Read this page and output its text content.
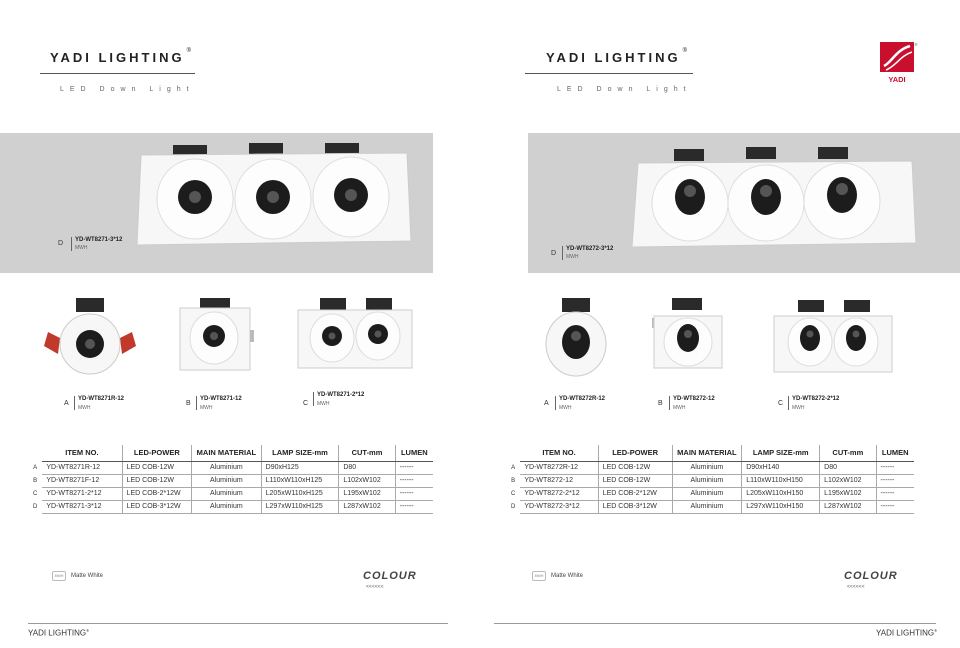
YADI LIGHTING ®
LED Down Light
D YD-WT8271-3*12
MWH
A
YD-WT8271R-12
MWH
B
YD-WT8271-12
MWH
C
YD-WT8271-2*12
MWH
	ITEM NO.	LED-POWER	MAIN MATERIAL	LAMP SIZE-mm	CUT-mm	LUMEN
A	YD-WT8271R-12	LED COB-12W	Aluminium	D90xH125	D80	------
B	YD-WT8271F-12	LED COB-12W	Aluminium	L110xW110xH125	L102xW102	------
C	YD-WT8271-2*12	LED COB-2*12W	Aluminium	L205xW110xH125	L195xW102	------
D	YD-WT8271-3*12	LED COB-3*12W	Aluminium	L297xW110xH125	L287xW102	------
MWH	Matte White	COLOUR
<<<<<<
YADI LIGHTING®
YADI LIGHTING ®
LED Down Light
D
YD-WT8272-3*12
MWH
A
YD-WT8272R-12
MWH
B
YD-WT8272-12
MWH
C
YD-WT8272-2*12
MWH
	ITEM NO.	LED-POWER	MAIN MATERIAL	LAMP SIZE-mm	CUT-mm	LUMEN
A	YD-WT8272R-12	LED COB-12W	Aluminium	D90xH140	D80	------
B	YD-WT8272-12	LED COB-12W	Aluminium	L110xW110xH150	L102xW102	------
C	YD-WT8272-2*12	LED COB-2*12W	Aluminium	L205xW110xH150	L195xW102	------
D	YD-WT8272-3*12	LED COB-3*12W	Aluminium	L297xW110xH150	L287xW102	------
MWH	Matte White	COLOUR
<<<<<<
YADI LIGHTING®
YADI
®
